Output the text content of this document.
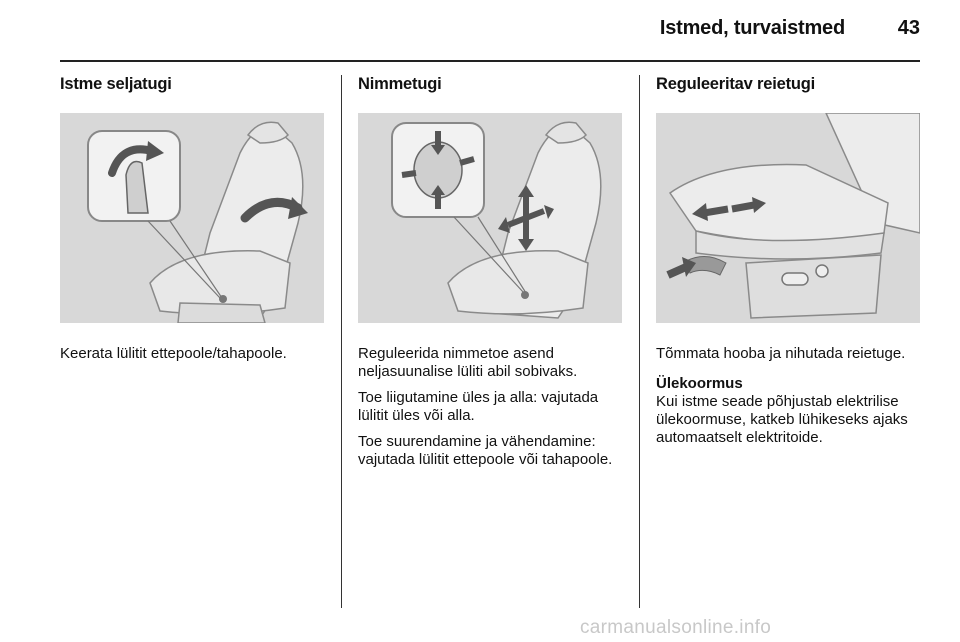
Istmed, turvaistmed	43
Istme seljatugi

Keerata lülitit ettepoole/tahapoole.

Nimmetugi

Reguleerida nimmetoe asend neljasuunalise lüliti abil sobivaks.

Toe liigutamine üles ja alla: vajutada lülitit üles või alla.

Toe suurendamine ja vähendamine: vajutada lülitit ettepoole või tahapoole.

Reguleeritav reietugi

Tõmmata hooba ja nihutada reietuge.

Ülekoormus

Kui istme seade põhjustab elektrilise ülekoormuse, katkeb lühikeseks ajaks automaatselt elektritoide.

carmanualsonline.info
